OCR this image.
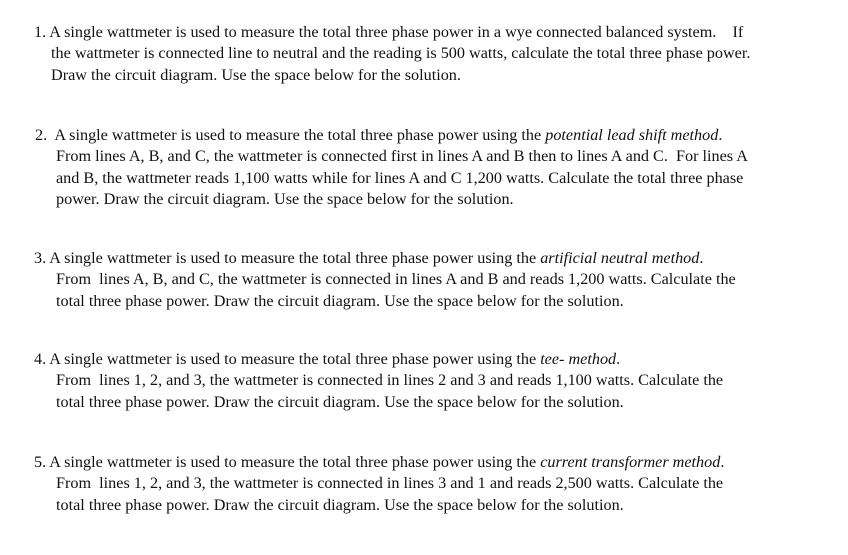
1. A single wattmeter is used to measure the total three phase power in a wye connected balanced system.    If
the wattmeter is connected line to neutral and the reading is 500 watts, calculate the total three phase power.
Draw the circuit diagram. Use the space below for the solution.
2.  A single wattmeter is used to measure the total three phase power using the potential lead shift method.
From lines A, B, and C, the wattmeter is connected first in lines A and B then to lines A and C.  For lines A
and B, the wattmeter reads 1,100 watts while for lines A and C 1,200 watts. Calculate the total three phase
power. Draw the circuit diagram. Use the space below for the solution.
3. A single wattmeter is used to measure the total three phase power using the artificial neutral method.
From  lines A, B, and C, the wattmeter is connected in lines A and B and reads 1,200 watts. Calculate the
total three phase power. Draw the circuit diagram. Use the space below for the solution.
4. A single wattmeter is used to measure the total three phase power using the tee- method.
From  lines 1, 2, and 3, the wattmeter is connected in lines 2 and 3 and reads 1,100 watts. Calculate the
total three phase power. Draw the circuit diagram. Use the space below for the solution.
5. A single wattmeter is used to measure the total three phase power using the current transformer method.
From  lines 1, 2, and 3, the wattmeter is connected in lines 3 and 1 and reads 2,500 watts. Calculate the
total three phase power. Draw the circuit diagram. Use the space below for the solution.
